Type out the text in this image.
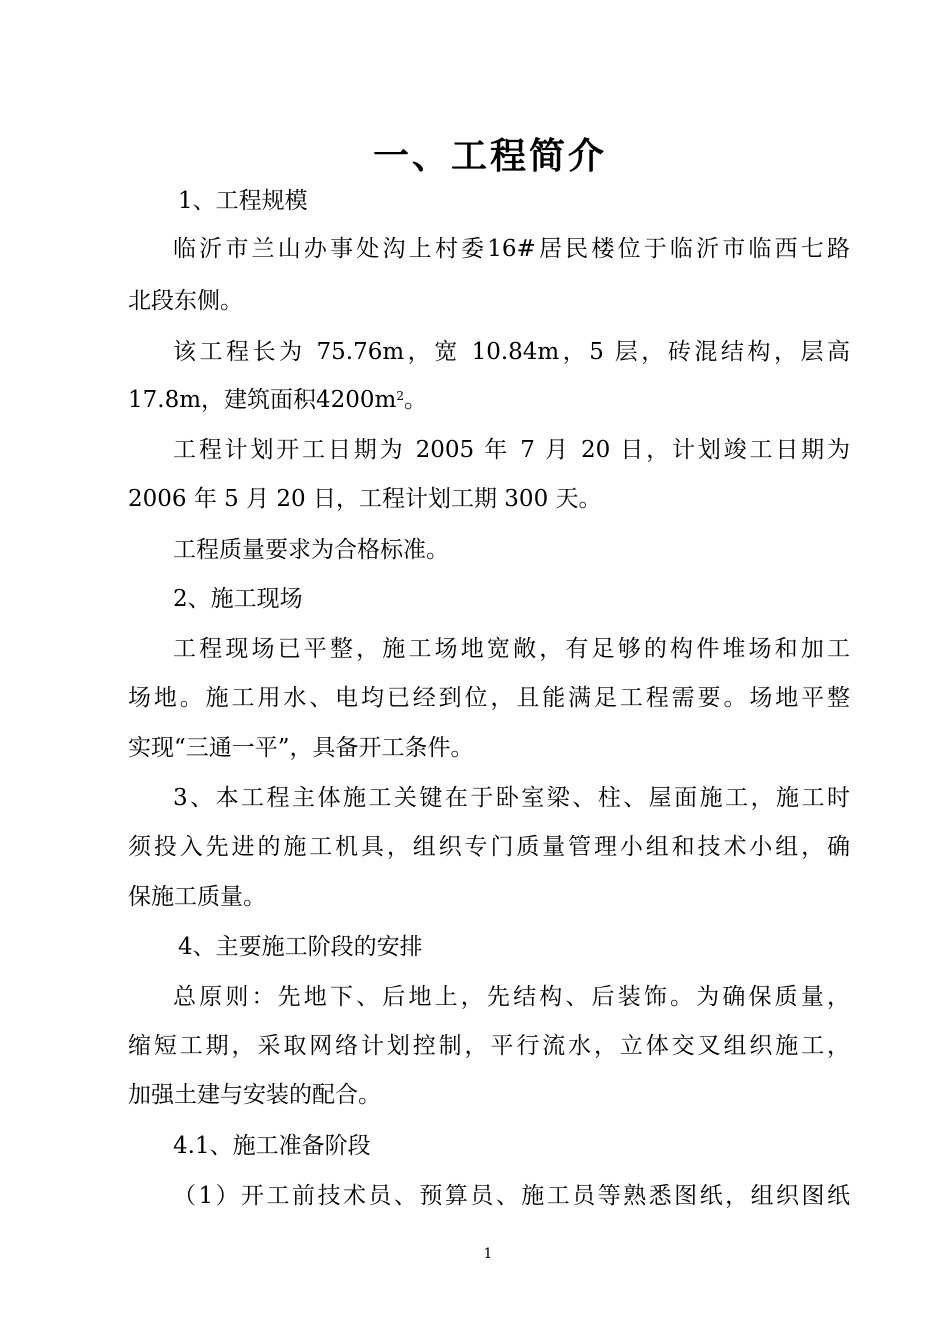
一、工程简介
1、工程规模
临沂市兰山办事处沟上村委16#居民楼位于临沂市临西七路
北段东侧。
该工程长为 75.76m，宽 10.84m，5 层，砖混结构，层高
17.8m，建筑面积$4200m^2$。
工程计划开工日期为 2005 年 7 月 20 日，计划竣工日期为
2006 年 5 月 20 日，工程计划工期 300 天。
工程质量要求为合格标准。
2、施工现场
工程现场已平整，施工场地宽敞，有足够的构件堆场和加工
场地。施工用水、电均已经到位，且能满足工程需要。场地平整
实现“三通一平”，具备开工条件。
3、本工程主体施工关键在于卧室梁、柱、屋面施工，施工时
须投入先进的施工机具，组织专门质量管理小组和技术小组，确
保施工质量。
4、主要施工阶段的安排
总原则：先地下、后地上，先结构、后装饰。为确保质量，
缩短工期，采取网络计划控制，平行流水，立体交叉组织施工，
加强土建与安装的配合。
4.1、施工准备阶段
（1）开工前技术员、预算员、施工员等熟悉图纸，组织图纸
1
